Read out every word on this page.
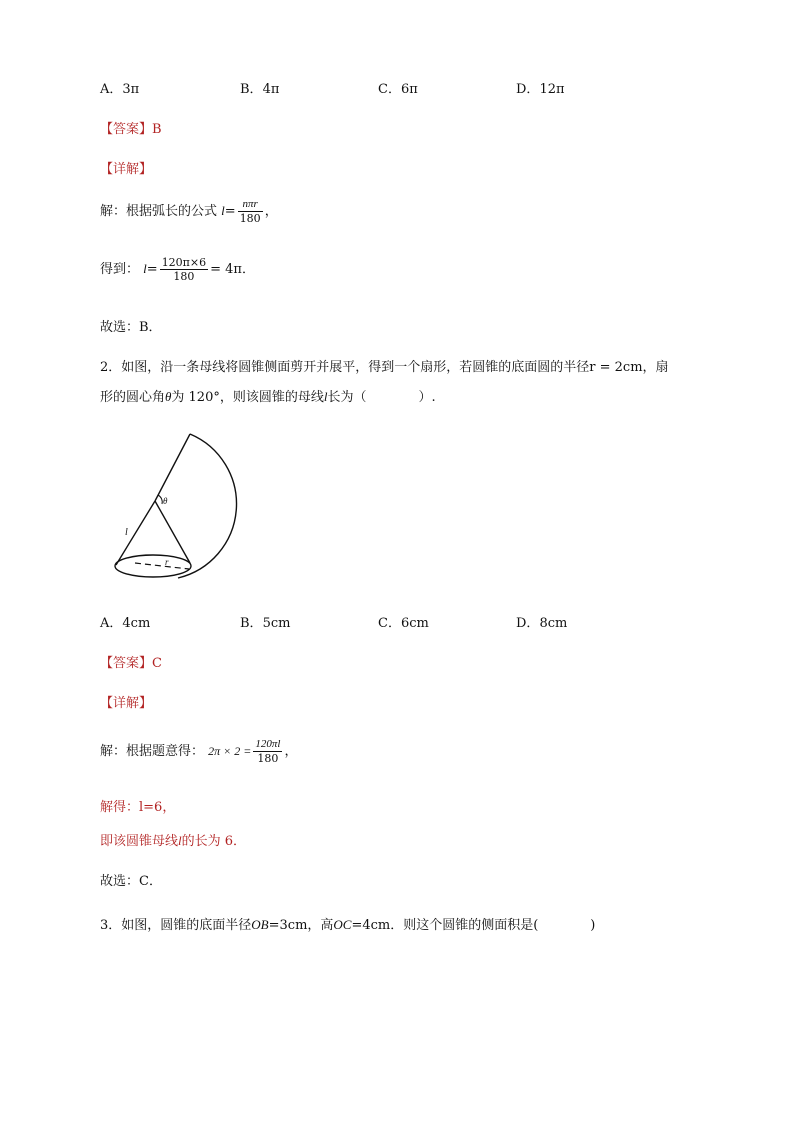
A．3π	B．4π	C．6π	D．12π
【答案】B
【详解】
解：根据弧长的公式 $l= \frac{\text{nπr}}{180}$ ，
得到： $l= \frac{120\pi\times 6}{180} = 4\pi$．
故选：B．
2．如图，沿一条母线将圆锥侧面剪开并展平，得到一个扇形，若圆锥的底面圆的半径r = 2cm，扇
形的圆心角θ为 120°，则该圆锥的母线l长为（　　　　）.
θ
l
r
A．4cm	B．5cm	C．6cm	D．8cm
【答案】C
【详解】
解：根据题意得： $2\pi \times 2 = \frac{120\pi l}{180}$ ，
解得：l=6，
即该圆锥母线l的长为 6．
故选：C．
3．如图，圆锥的底面半径OB=3cm，高OC=4cm．则这个圆锥的侧面积是(　　　　)
